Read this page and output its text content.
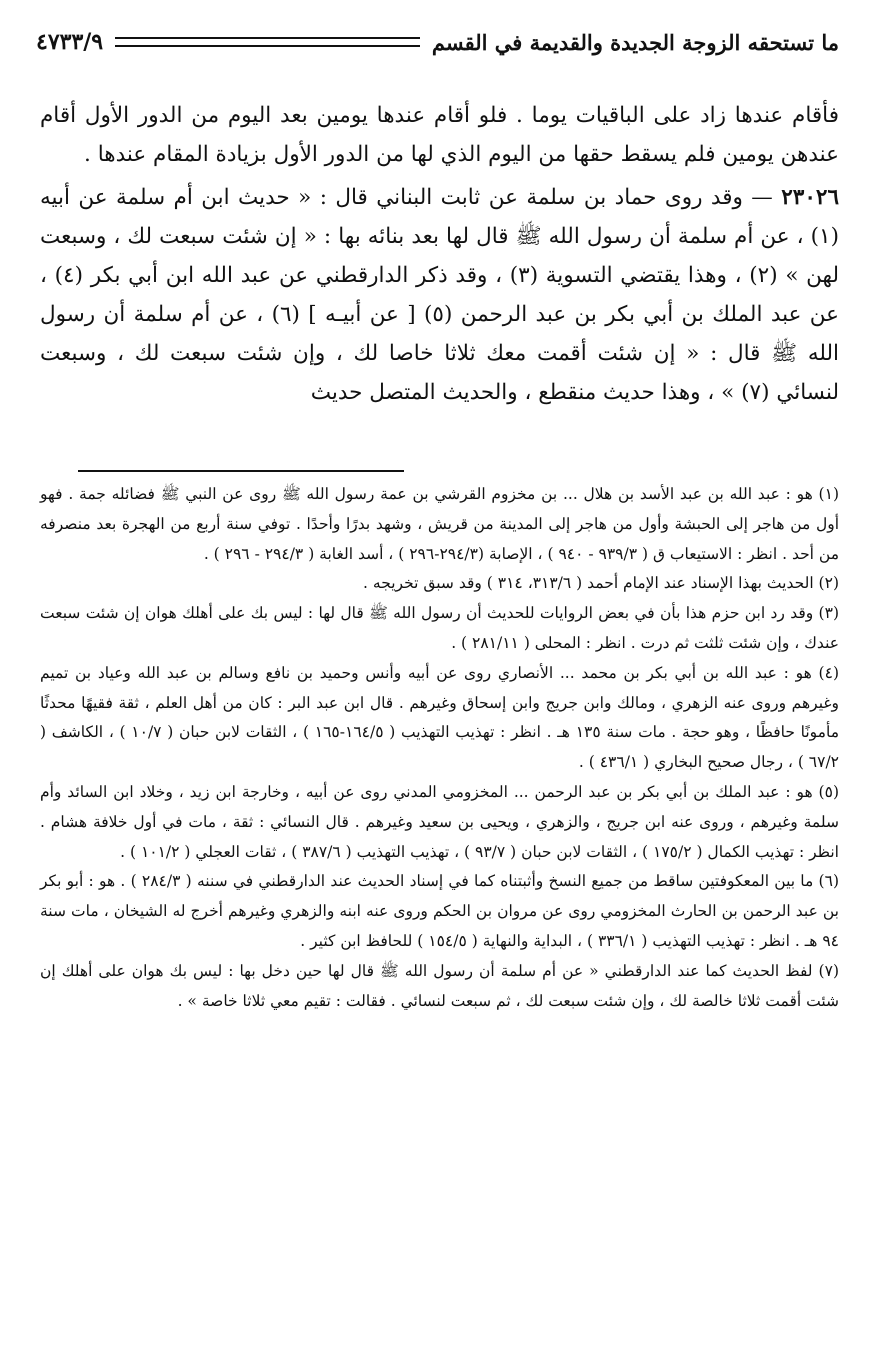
ما تستحقه الزوجة الجديدة والقديمة في القسم
٤٧٣٣/٩

فأقام عندها زاد على الباقيات يوما . فلو أقام عندها يومين بعد اليوم من الدور الأول أقام عندهن يومين فلم يسقط حقها من اليوم الذي لها من الدور الأول بزيادة المقام عندها .

٢٣٠٢٦ — وقد روى حماد بن سلمة عن ثابت البناني قال : « حديث ابن أم سلمة عن أبيه (١) ، عن أم سلمة أن رسول الله ﷺ قال لها بعد بنائه بها : « إن شئت سبعت لك ، وسبعت لهن » (٢) ، وهذا يقتضي التسوية (٣) ، وقد ذكر الدارقطني عن عبد الله ابن أبي بكر (٤) ، عن عبد الملك بن أبي بكر بن عبد الرحمن (٥) [ عن أبيـه ] (٦) ، عن أم سلمة أن رسول الله ﷺ قال : « إن شئت أقمت معك ثلاثا خاصا لك ، وإن شئت سبعت لك ، وسبعت لنسائي (٧) » ، وهذا حديث منقطع ، والحديث المتصل حديث

(١) هو : عبد الله بن عبد الأسد بن هلال ... بن مخزوم القرشي بن عمة رسول الله ﷺ روى عن النبي ﷺ فضائله جمة . فهو أول من هاجر إلى الحبشة وأول من هاجر إلى المدينة من قريش ، وشهد بدرًا وأحدًا . توفي سنة أربع من الهجرة بعد منصرفه من أحد . انظر : الاستيعاب ق ( ٩٣٩/٣ - ٩٤٠ ) ، الإصابة (٢٩٤/٣-٢٩٦ ) ، أسد الغابة ( ٢٩٤/٣ - ٢٩٦ ) .

(٢) الحديث بهذا الإسناد عند الإمام أحمد ( ٣١٣/٦، ٣١٤ ) وقد سبق تخريجه .

(٣) وقد رد ابن حزم هذا بأن في بعض الروايات للحديث أن رسول الله ﷺ قال لها : ليس بك على أهلك هوان إن شئت سبعت عندك ، وإن شئت ثلثت ثم درت . انظر : المحلى ( ٢٨١/١١ ) .

(٤) هو : عبد الله بن أبي بكر بن محمد ... الأنصاري روى عن أبيه وأنس وحميد بن نافع وسالم بن عبد الله وعياد بن تميم وغيرهم وروى عنه الزهري ، ومالك وابن جريج وابن إسحاق وغيرهم . قال ابن عبد البر : كان من أهل العلم ، ثقة فقيهًا محدثًا مأمونًا حافظًا ، وهو حجة . مات سنة ١٣٥ هـ . انظر : تهذيب التهذيب ( ١٦٤/٥-١٦٥ ) ، الثقات لابن حبان ( ١٠/٧ ) ، الكاشف ( ٦٧/٢ ) ، رجال صحيح البخاري ( ٤٣٦/١ ) .

(٥) هو : عبد الملك بن أبي بكر بن عبد الرحمن ... المخزومي المدني روى عن أبيه ، وخارجة ابن زيد ، وخلاد ابن السائد وأم سلمة وغيرهم ، وروى عنه ابن جريج ، والزهري ، ويحيى بن سعيد وغيرهم . قال النسائي : ثقة ، مات في أول خلافة هشام . انظر : تهذيب الكمال ( ١٧٥/٢ ) ، الثقات لابن حبان ( ٩٣/٧ ) ، تهذيب التهذيب ( ٣٨٧/٦ ) ، ثقات العجلي ( ١٠١/٢ ) .

(٦) ما بين المعكوفتين ساقط من جميع النسخ وأثبتناه كما في إسناد الحديث عند الدارقطني في سننه ( ٢٨٤/٣ ) . هو : أبو بكر بن عبد الرحمن بن الحارث المخزومي روى عن مروان بن الحكم وروى عنه ابنه والزهري وغيرهم أخرج له الشيخان ، مات سنة ٩٤ هـ . انظر : تهذيب التهذيب ( ٣٣٦/١ ) ، البداية والنهاية ( ١٥٤/٥ ) للحافظ ابن كثير .

(٧) لفظ الحديث كما عند الدارقطني « عن أم سلمة أن رسول الله ﷺ قال لها حين دخل بها : ليس بك هوان على أهلك إن شئت أقمت ثلاثا خالصة لك ، وإن شئت سبعت لك ، ثم سبعت لنسائي . فقالت : تقيم معي ثلاثا خاصة » .
